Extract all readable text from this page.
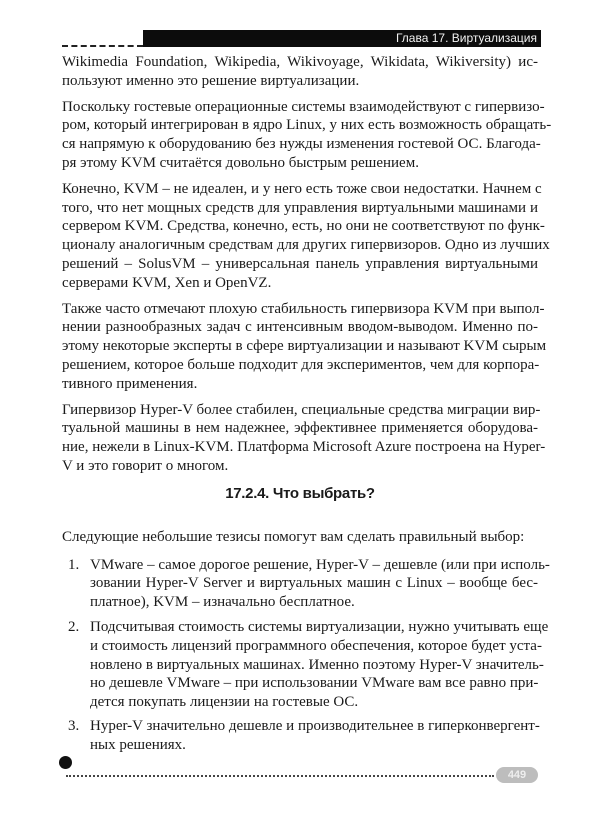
Глава 17. Виртуализация
Wikimedia Foundation, Wikipedia, Wikivoyage, Wikidata, Wikiversity) ис-
пользуют именно это решение виртуализации.
Поскольку гостевые операционные системы взаимодействуют с гипервизо-
ром, который интегрирован в ядро Linux, у них есть возможность обращать-
ся напрямую к оборудованию без нужды изменения гостевой ОС. Благода-
ря этому KVM считаётся довольно быстрым решением.
Конечно, KVM – не идеален, и у него есть тоже свои недостатки. Начнем с
того, что нет мощных средств для управления виртуальными машинами и
сервером KVM. Средства, конечно, есть, но они не соответствуют по функ-
ционалу аналогичным средствам для других гипервизоров. Одно из лучших
решений – SolusVM – универсальная панель управления виртуальными
серверами KVM, Xen и OpenVZ.
Также часто отмечают плохую стабильность гипервизора KVM при выпол-
нении разнообразных задач с интенсивным вводом-выводом. Именно по-
этому некоторые эксперты в сфере виртуализации и называют KVM сырым
решением, которое больше подходит для экспериментов, чем для корпора-
тивного применения.
Гипервизор Hyper-V более стабилен, специальные средства миграции вир-
туальной машины в нем надежнее, эффективнее применяется оборудова-
ние, нежели в Linux-KVM. Платформа Microsoft Azure построена на Hyper-
V и это говорит о многом.
17.2.4. Что выбрать?
Следующие небольшие тезисы помогут вам сделать правильный выбор:
1. VMware – самое дорогое решение, Hyper-V – дешевле (или при исполь-
зовании Hyper-V Server и виртуальных машин с Linux – вообще бес-
платное), KVM – изначально бесплатное.
2. Подсчитывая стоимость системы виртуализации, нужно учитывать еще
и стоимость лицензий программного обеспечения, которое будет уста-
новлено в виртуальных машинах. Именно поэтому Hyper-V значитель-
но дешевле VMware – при использовании VMware вам все равно при-
дется покупать лицензии на гостевые ОС.
3. Hyper-V значительно дешевле и производительнее в гиперконвергент-
ных решениях.
449
